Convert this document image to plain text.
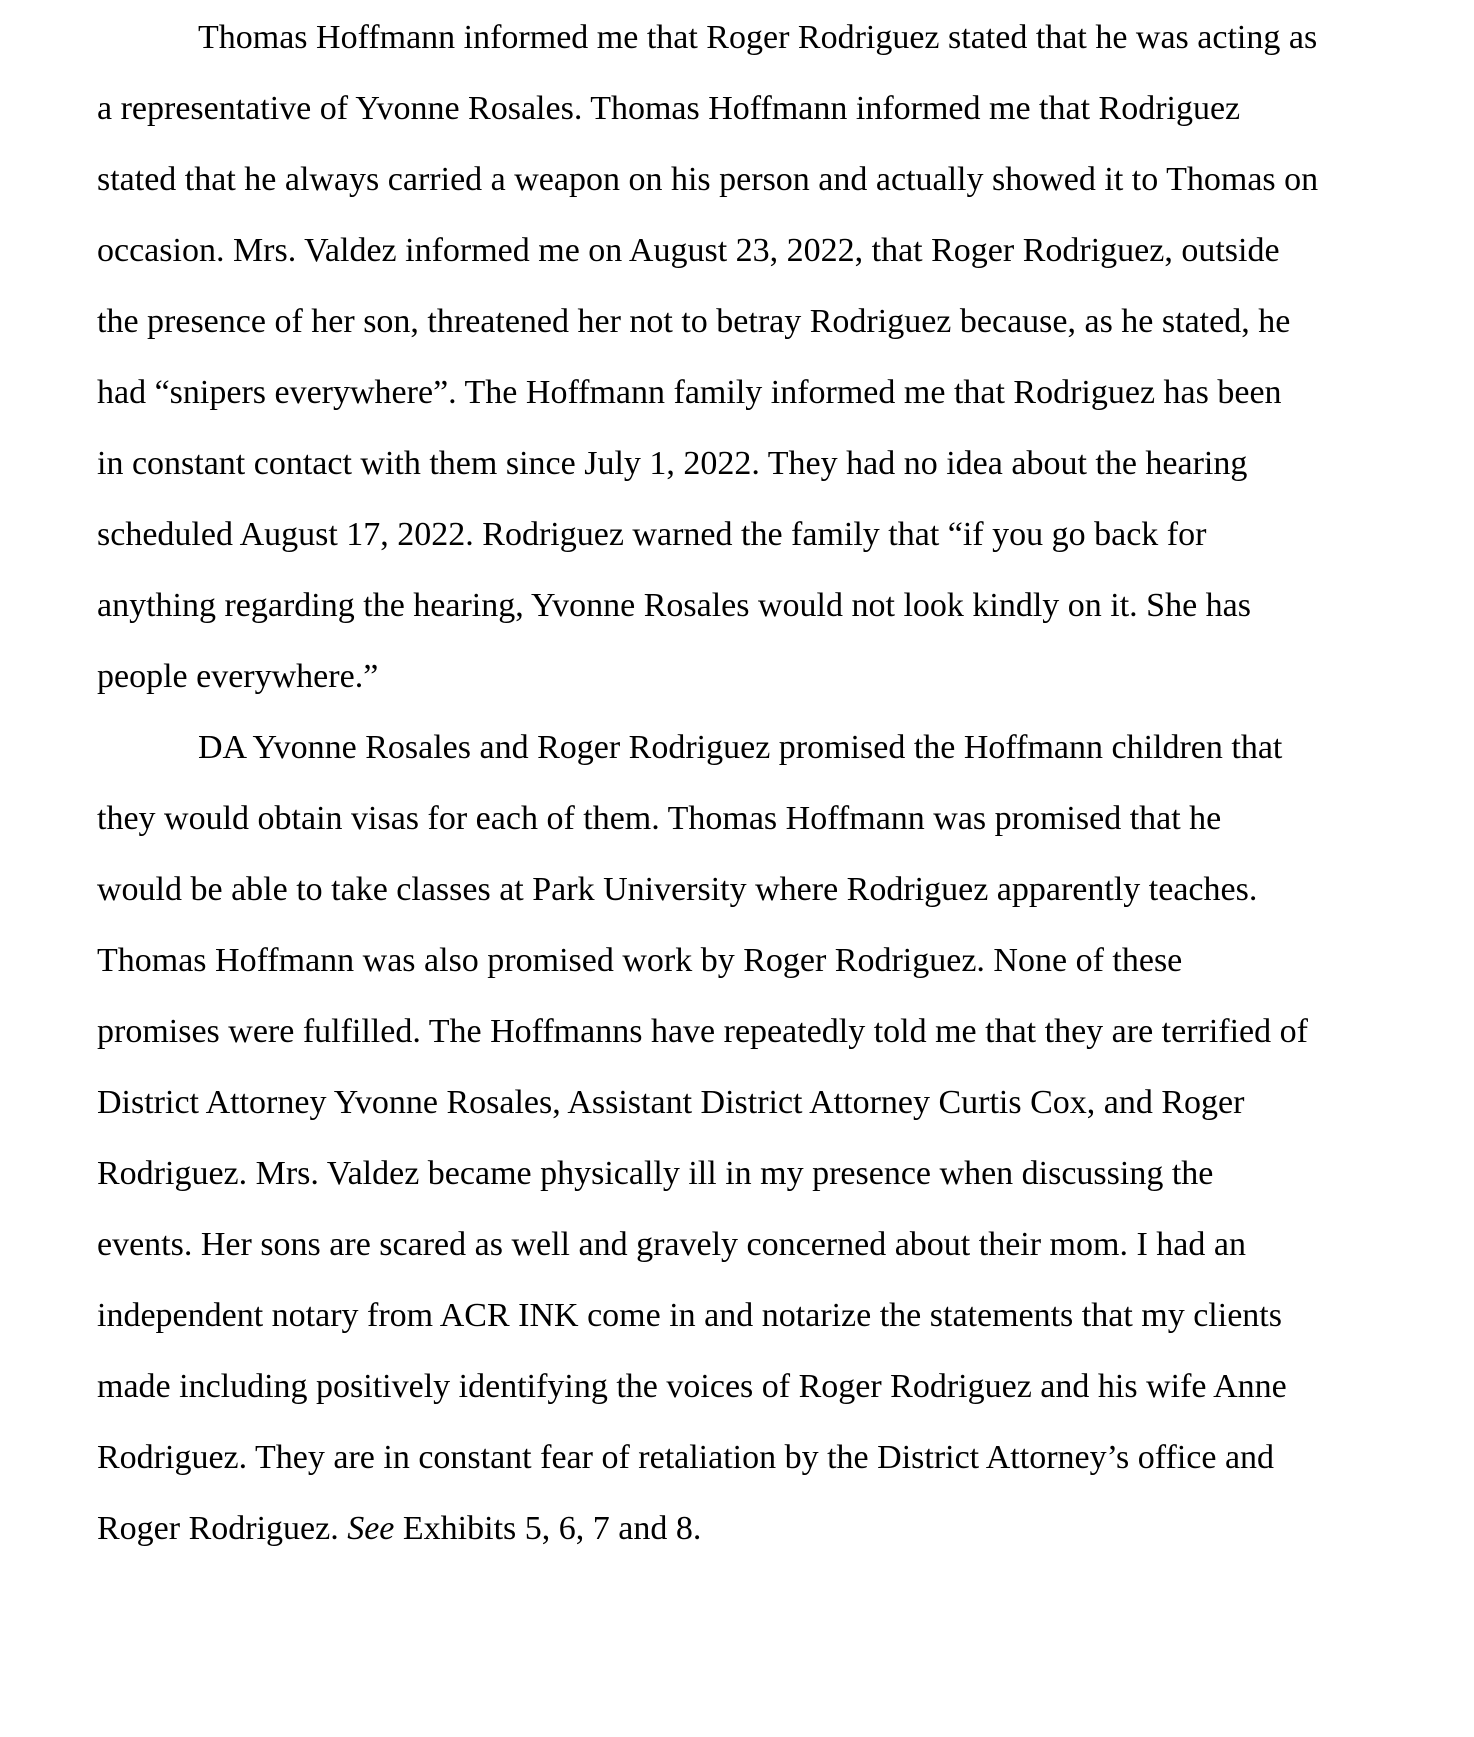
Thomas Hoffmann informed me that Roger Rodriguez stated that he was acting as

a representative of Yvonne Rosales. Thomas Hoffmann informed me that Rodriguez

stated that he always carried a weapon on his person and actually showed it to Thomas on

occasion. Mrs. Valdez informed me on August 23, 2022, that Roger Rodriguez, outside

the presence of her son, threatened her not to betray Rodriguez because, as he stated, he

had “snipers everywhere”. The Hoffmann family informed me that Rodriguez has been

in constant contact with them since July 1, 2022. They had no idea about the hearing

scheduled August 17, 2022. Rodriguez warned the family that “if you go back for

anything regarding the hearing, Yvonne Rosales would not look kindly on it. She has

people everywhere.”

DA Yvonne Rosales and Roger Rodriguez promised the Hoffmann children that

they would obtain visas for each of them. Thomas Hoffmann was promised that he

would be able to take classes at Park University where Rodriguez apparently teaches.

Thomas Hoffmann was also promised work by Roger Rodriguez. None of these

promises were fulfilled. The Hoffmanns have repeatedly told me that they are terrified of

District Attorney Yvonne Rosales, Assistant District Attorney Curtis Cox, and Roger

Rodriguez. Mrs. Valdez became physically ill in my presence when discussing the

events. Her sons are scared as well and gravely concerned about their mom. I had an

independent notary from ACR INK come in and notarize the statements that my clients

made including positively identifying the voices of Roger Rodriguez and his wife Anne

Rodriguez. They are in constant fear of retaliation by the District Attorney’s office and

Roger Rodriguez. See Exhibits 5, 6, 7 and 8.
